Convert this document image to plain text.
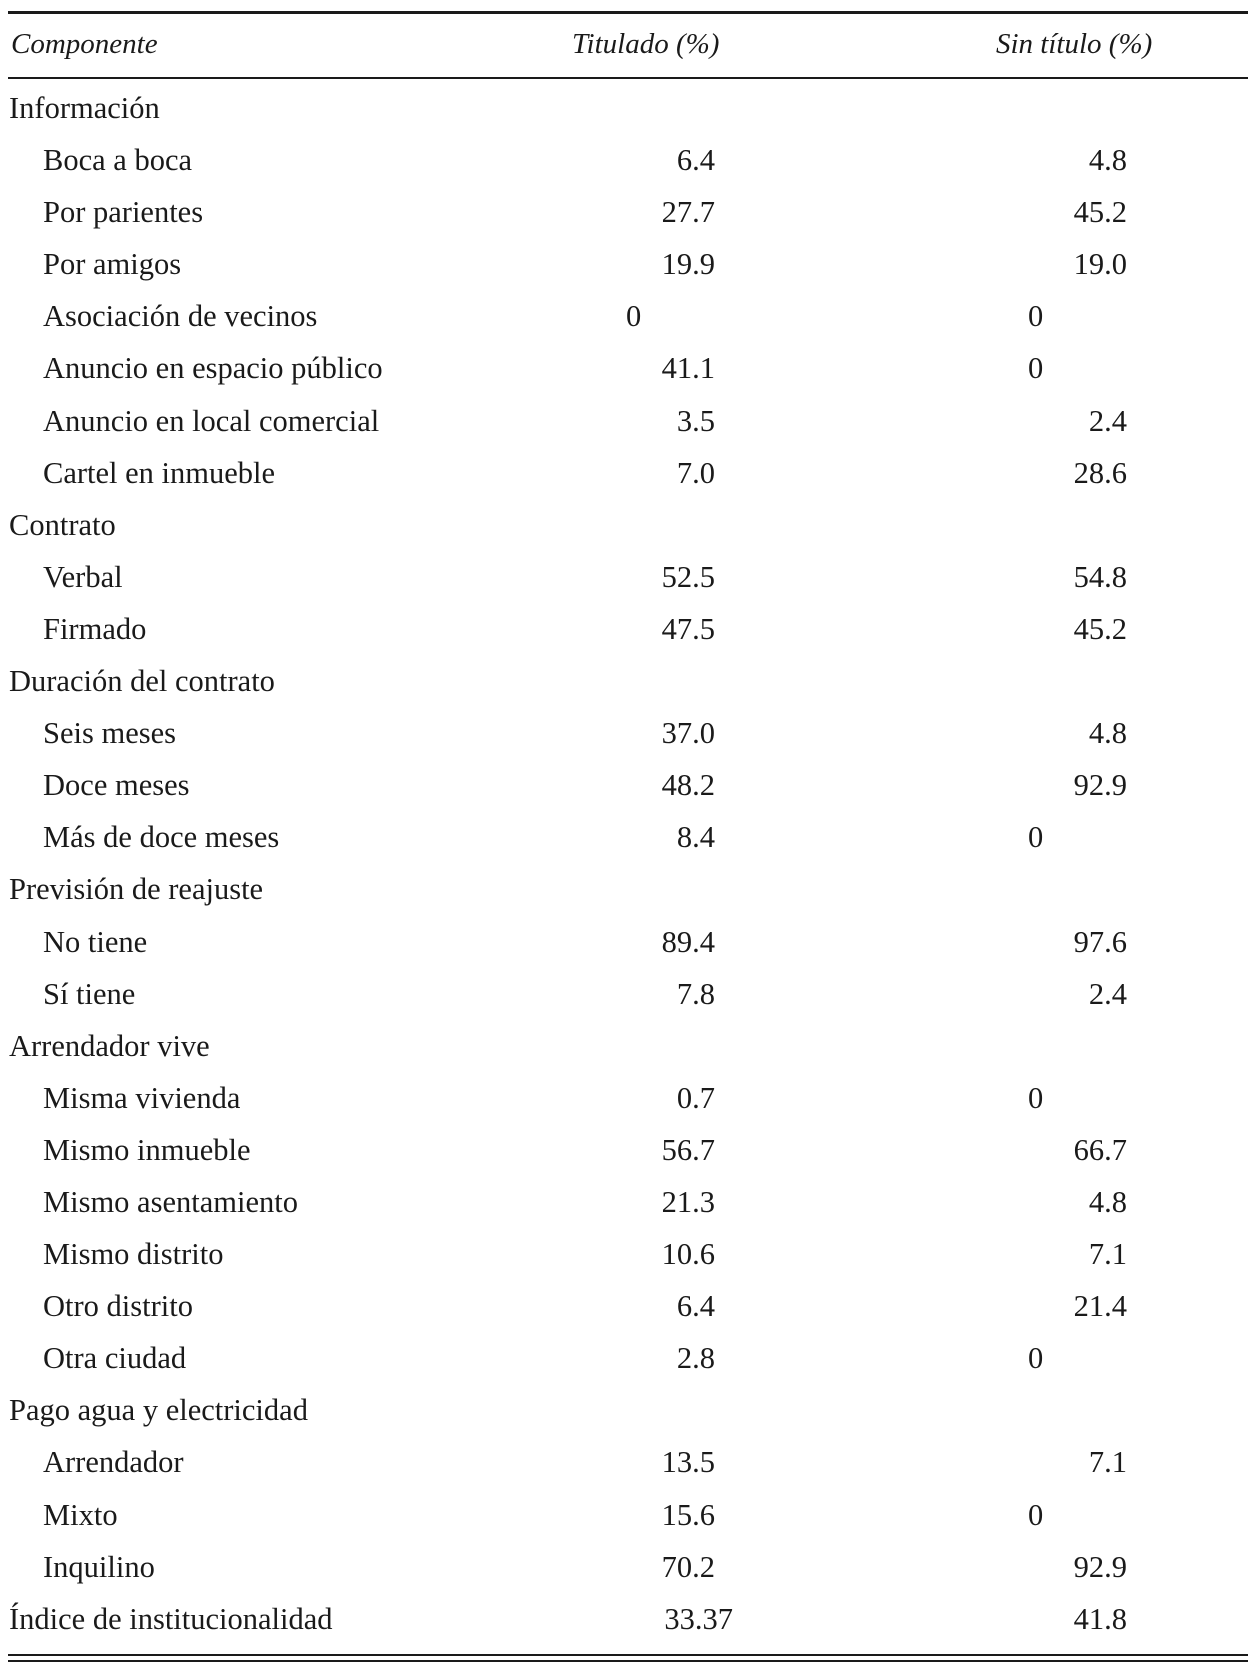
Componente	Titulado (%)	Sin título (%)
Información
Boca a boca	6.4	4.8
Por parientes	27.7	45.2
Por amigos	19.9	19.0
Asociación de vecinos	0	0
Anuncio en espacio público	41.1	0
Anuncio en local comercial	3.5	2.4
Cartel en inmueble	7.0	28.6
Contrato
Verbal	52.5	54.8
Firmado	47.5	45.2
Duración del contrato
Seis meses	37.0	4.8
Doce meses	48.2	92.9
Más de doce meses	8.4	0
Previsión de reajuste
No tiene	89.4	97.6
Sí tiene	7.8	2.4
Arrendador vive
Misma vivienda	0.7	0
Mismo inmueble	56.7	66.7
Mismo asentamiento	21.3	4.8
Mismo distrito	10.6	7.1
Otro distrito	6.4	21.4
Otra ciudad	2.8	0
Pago agua y electricidad
Arrendador	13.5	7.1
Mixto	15.6	0
Inquilino	70.2	92.9
Índice de institucionalidad	33.37	41.8
